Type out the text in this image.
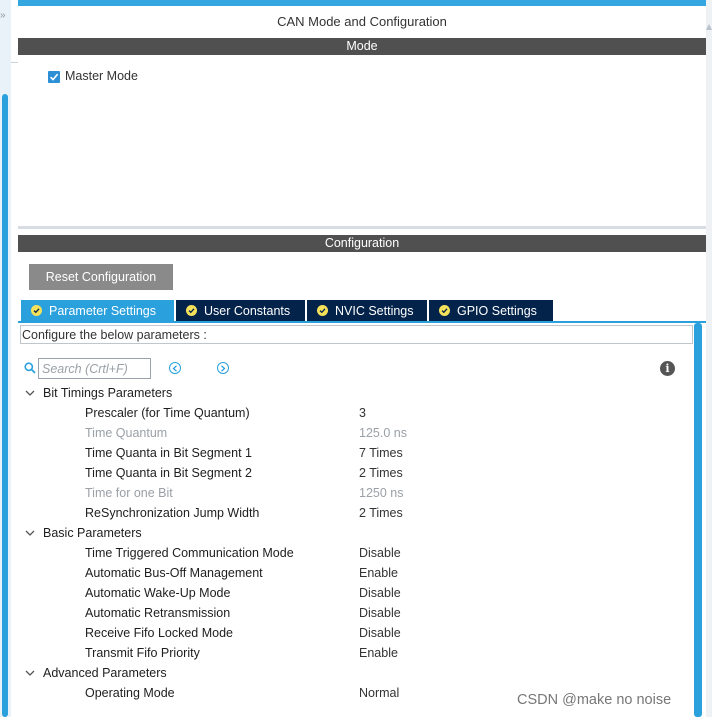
»	CAN Mode and Configuration
Mode
Master Mode
Configuration
Reset Configuration
Parameter Settings	User Constants	NVIC Settings	GPIO Settings
Configure the below parameters :
Search (Crtl+F)
i
Bit Timings Parameters
Prescaler (for Time Quantum)	3
Time Quantum	125.0 ns
Time Quanta in Bit Segment 1	7 Times
Time Quanta in Bit Segment 2	2 Times
Time for one Bit	1250 ns
ReSynchronization Jump Width	2 Times
Basic Parameters
Time Triggered Communication Mode	Disable
Automatic Bus-Off Management	Enable
Automatic Wake-Up Mode	Disable
Automatic Retransmission	Disable
Receive Fifo Locked Mode	Disable
Transmit Fifo Priority	Enable
Advanced Parameters
Operating Mode	Normal	CSDN @make no noise
